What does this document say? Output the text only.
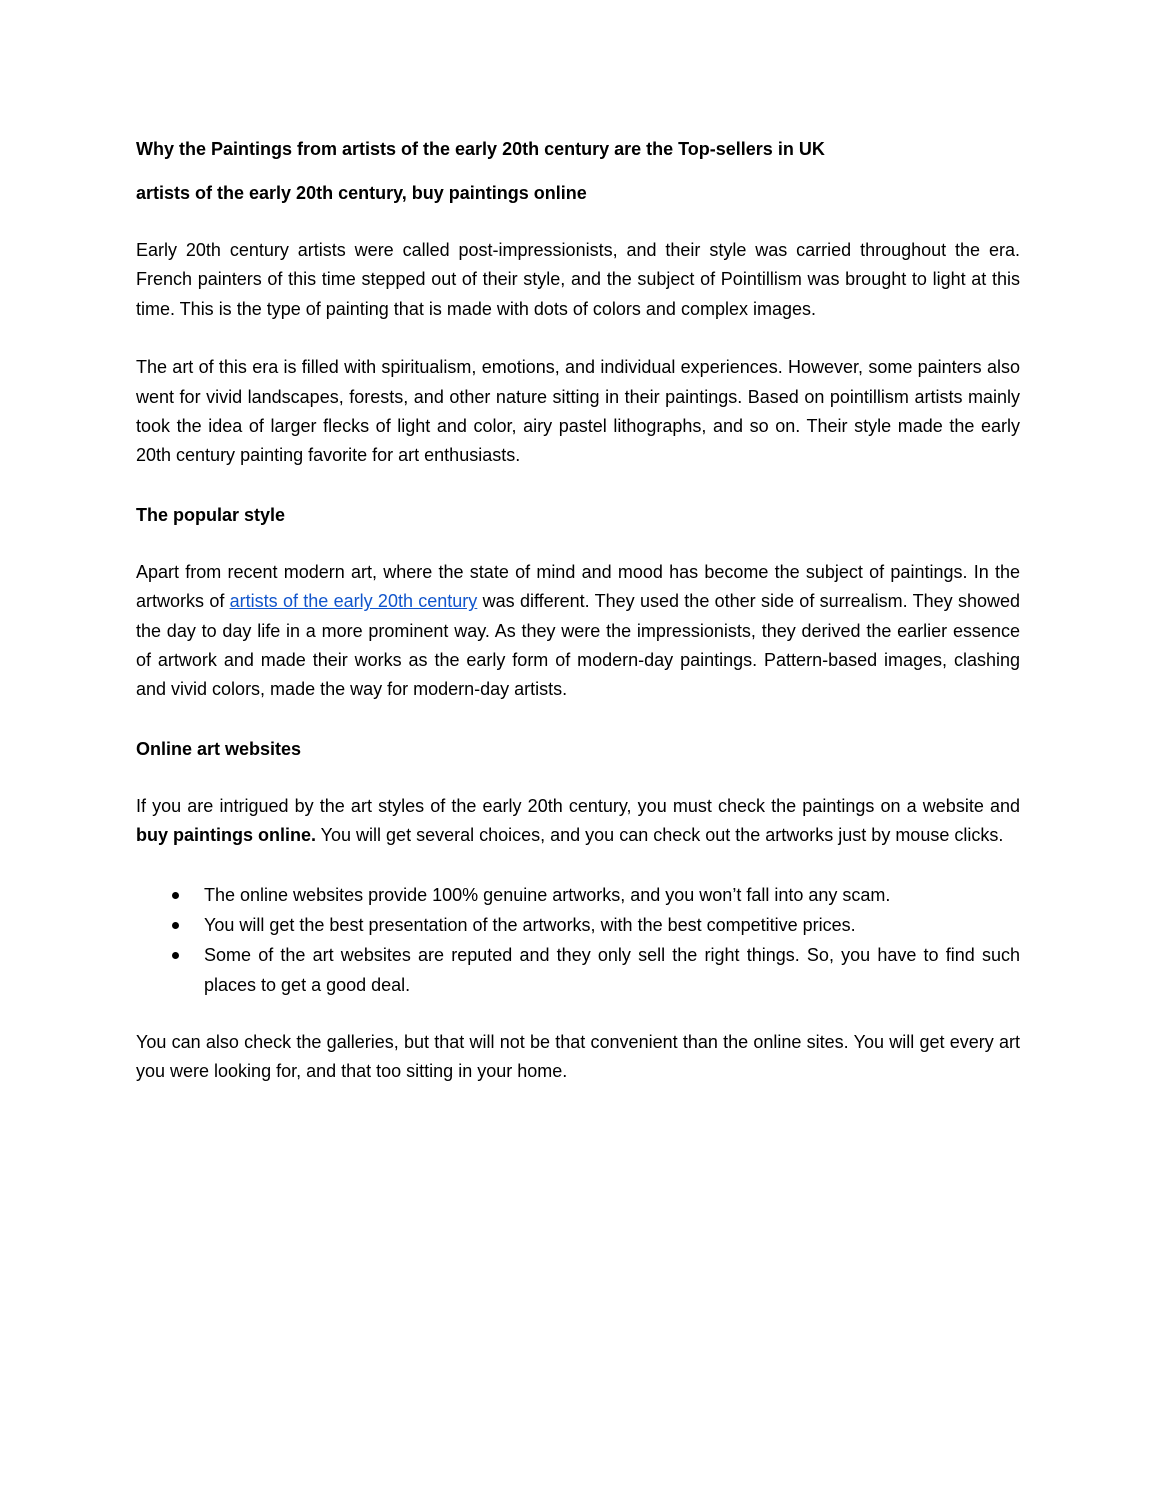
Why the Paintings from artists of the early 20th century are the Top-sellers in UK
artists of the early 20th century, buy paintings online

Early 20th century artists were called post-impressionists, and their style was carried throughout the era. French painters of this time stepped out of their style, and the subject of Pointillism was brought to light at this time. This is the type of painting that is made with dots of colors and complex images.

The art of this era is filled with spiritualism, emotions, and individual experiences. However, some painters also went for vivid landscapes, forests, and other nature sitting in their paintings. Based on pointillism artists mainly took the idea of larger flecks of light and color, airy pastel lithographs, and so on. Their style made the early 20th century painting favorite for art enthusiasts.

The popular style

Apart from recent modern art, where the state of mind and mood has become the subject of paintings. In the artworks of artists of the early 20th century was different. They used the other side of surrealism. They showed the day to day life in a more prominent way. As they were the impressionists, they derived the earlier essence of artwork and made their works as the early form of modern-day paintings. Pattern-based images, clashing and vivid colors, made the way for modern-day artists.

Online art websites

If you are intrigued by the art styles of the early 20th century, you must check the paintings on a website and buy paintings online. You will get several choices, and you can check out the artworks just by mouse clicks.

The online websites provide 100% genuine artworks, and you won’t fall into any scam.
You will get the best presentation of the artworks, with the best competitive prices.
Some of the art websites are reputed and they only sell the right things. So, you have to find such places to get a good deal.

You can also check the galleries, but that will not be that convenient than the online sites. You will get every art you were looking for, and that too sitting in your home.
